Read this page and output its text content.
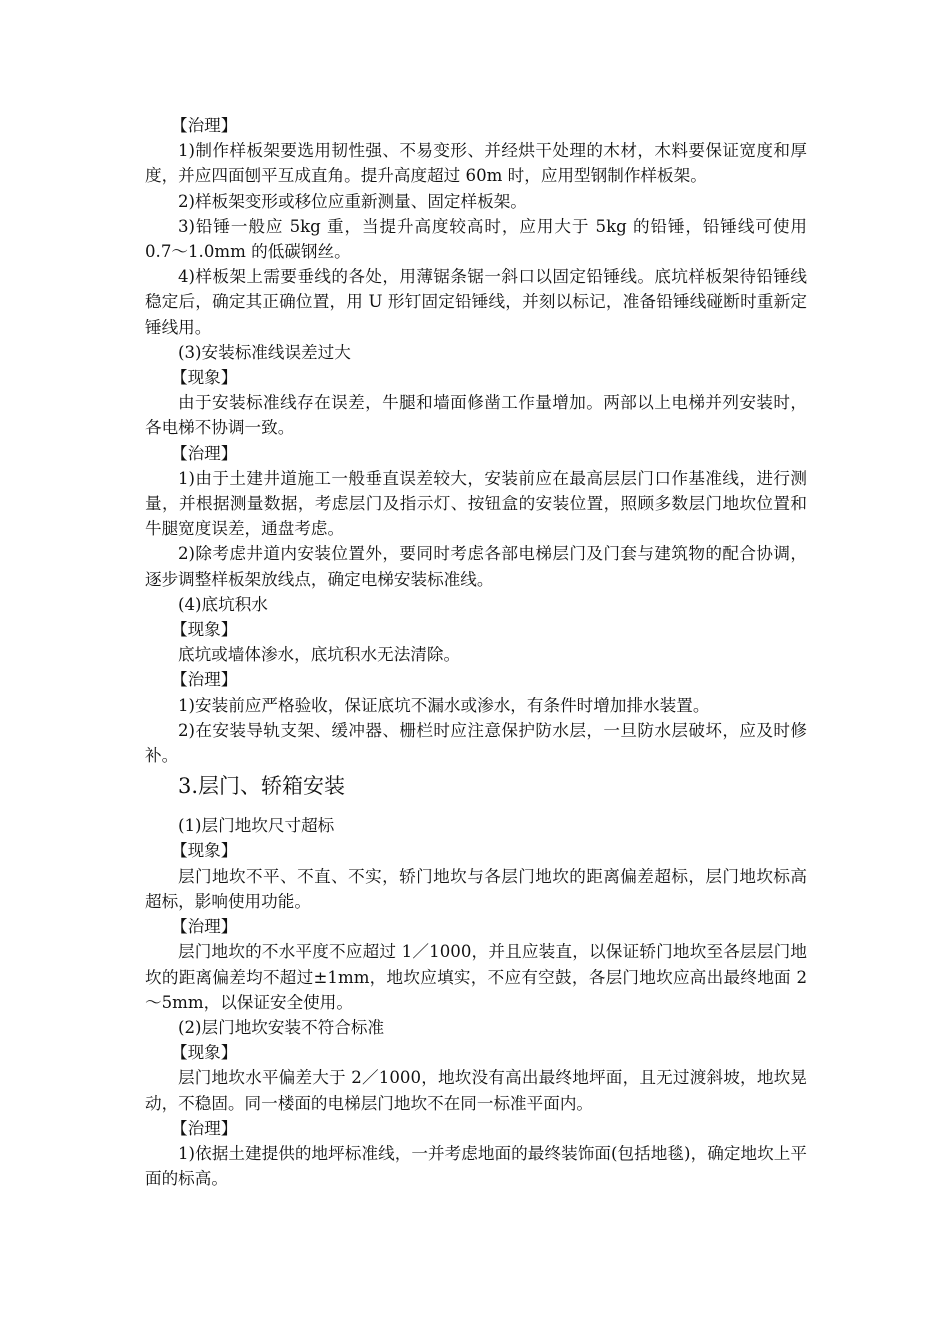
【治理】

1)制作样板架要选用韧性强、不易变形、并经烘干处理的木材，木料要保证宽度和厚度，并应四面刨平互成直角。提升高度超过 60m 时，应用型钢制作样板架。

2)样板架变形或移位应重新测量、固定样板架。

3)铅锤一般应 5kg 重，当提升高度较高时，应用大于 5kg 的铅锤，铅锤线可使用 0.7～1.0mm 的低碳钢丝。

4)样板架上需要垂线的各处，用薄锯条锯一斜口以固定铅锤线。底坑样板架待铅锤线稳定后，确定其正确位置，用 U 形钉固定铅锤线，并刻以标记，准备铅锤线碰断时重新定锤线用。

(3)安装标准线误差过大

【现象】

由于安装标准线存在误差，牛腿和墙面修凿工作量增加。两部以上电梯并列安装时，各电梯不协调一致。

【治理】

1)由于土建井道施工一般垂直误差较大，安装前应在最高层层门口作基准线，进行测量，并根据测量数据，考虑层门及指示灯、按钮盒的安装位置，照顾多数层门地坎位置和牛腿宽度误差，通盘考虑。

2)除考虑井道内安装位置外，要同时考虑各部电梯层门及门套与建筑物的配合协调，逐步调整样板架放线点，确定电梯安装标准线。

(4)底坑积水

【现象】

底坑或墙体渗水，底坑积水无法清除。

【治理】

1)安装前应严格验收，保证底坑不漏水或渗水，有条件时增加排水装置。

2)在安装导轨支架、缓冲器、栅栏时应注意保护防水层，一旦防水层破坏，应及时修补。

3.层门、轿箱安装

(1)层门地坎尺寸超标

【现象】

层门地坎不平、不直、不实，轿门地坎与各层门地坎的距离偏差超标，层门地坎标高超标，影响使用功能。

【治理】

层门地坎的不水平度不应超过 1／1000，并且应装直，以保证轿门地坎至各层层门地坎的距离偏差均不超过±1mm，地坎应填实，不应有空鼓，各层门地坎应高出最终地面 2～5mm，以保证安全使用。

(2)层门地坎安装不符合标准

【现象】

层门地坎水平偏差大于 2／1000，地坎没有高出最终地坪面，且无过渡斜坡，地坎晃动，不稳固。同一楼面的电梯层门地坎不在同一标准平面内。

【治理】

1)依据土建提供的地坪标准线，一并考虑地面的最终装饰面(包括地毯)，确定地坎上平面的标高。
